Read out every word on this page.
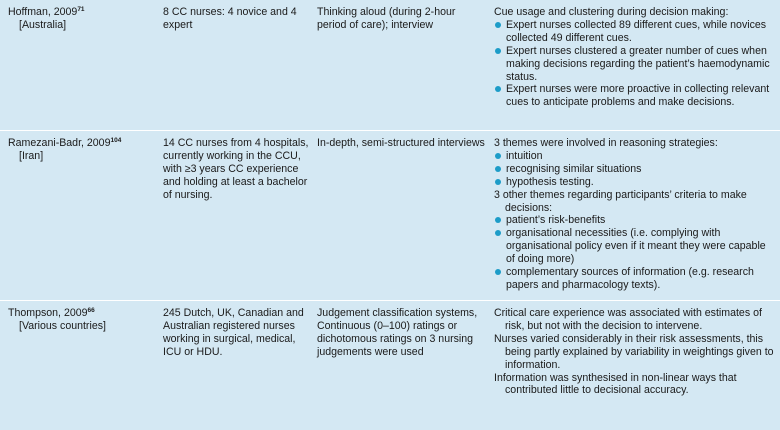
Hoffman, 2009$^{71}$
[Australia]
8 CC nurses: 4 novice and 4 expert
Thinking aloud (during 2-hour period of care); interview

Cue usage and clustering during decision making:

Expert nurses collected 89 different cues, while novices collected 49 different cues.
Expert nurses clustered a greater number of cues when making decisions regarding the patient’s haemodynamic status.
Expert nurses were more proactive in collecting relevant cues to anticipate problems and make decisions.
Ramezani-Badr, 2009$^{104}$
[Iran]
14 CC nurses from 4 hospitals, currently working in the CCU, with ≥3 years CC experience and holding at least a bachelor of nursing.
In-depth, semi-structured interviews 3 themes were involved in reasoning strategies:

intuition
recognising similar situations
hypothesis testing.

3 other themes regarding participants’ criteria to make decisions:

patient’s risk-benefits
organisational necessities (i.e. complying with organisational policy even if it meant they were capable of doing more)
complementary sources of information (e.g. research papers and pharmacology texts).
Thompson, 2009$^{66}$
[Various countries]
245 Dutch, UK, Canadian and Australian registered nurses working in surgical, medical, ICU or HDU.
Judgement classification systems, Continuous (0–100) ratings or dichotomous ratings on 3 nursing judgements were used

Critical care experience was associated with estimates of risk, but not with the decision to intervene.

Nurses varied considerably in their risk assessments, this being partly explained by variability in weightings given to information.

Information was synthesised in non-linear ways that contributed little to decisional accuracy.
